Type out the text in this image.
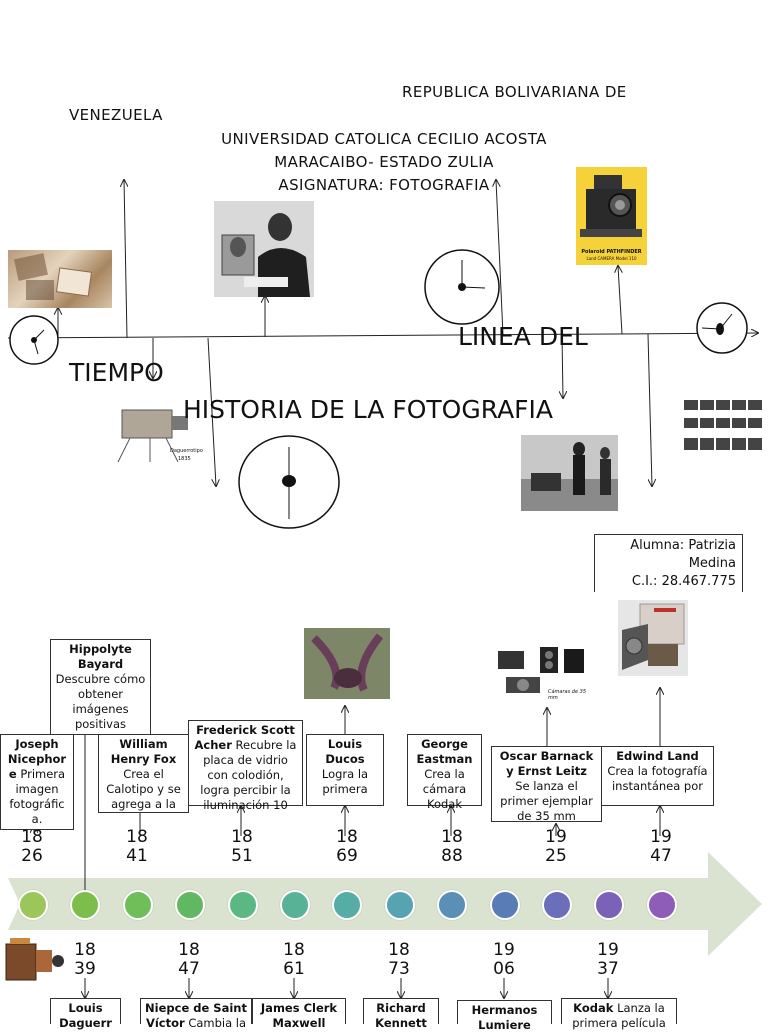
REPUBLICA BOLIVARIANA DE
VENEZUELA
UNIVERSIDAD CATOLICA CECILIO ACOSTA
MARACAIBO- ESTADO ZULIA
ASIGNATURA: FOTOGRAFIA
Polaroid PATHFINDER
Land CAMERA Model 110
Daguerrotipo
1835
LINEA DEL
TIEMPO
HISTORIA DE LA FOTOGRAFIA
Alumna: Patrizia
Medina
C.I.: 28.467.775
Cámaras de 35 mm
Hippolyte Bayard
Descubre cómo obtener imágenes positivas
Joseph Nicephor
e Primera imagen fotográfic a.
William Henry Fox
Crea el Calotipo y se agrega a la
Frederick Scott Acher Recubre la placa de vidrio con colodión, logra percibir la iluminación 10
Louis Ducos
Logra la primera
George Eastman
Crea la cámara Kodak
Oscar Barnack y Ernst Leitz
Se lanza el primer ejemplar de 35 mm
Edwind Land
Crea la fotografía instantánea por
18
26
18
41
18
51
18
69
18
88
19
25
19
47
18
39
18
47
18
61
18
73
19
06
19
37
Louis Daguerr
Niepce de Saint Víctor Cambia la
James Clerk Maxwell
Richard Kennett
Hermanos Lumiere
Kodak Lanza la primera película
